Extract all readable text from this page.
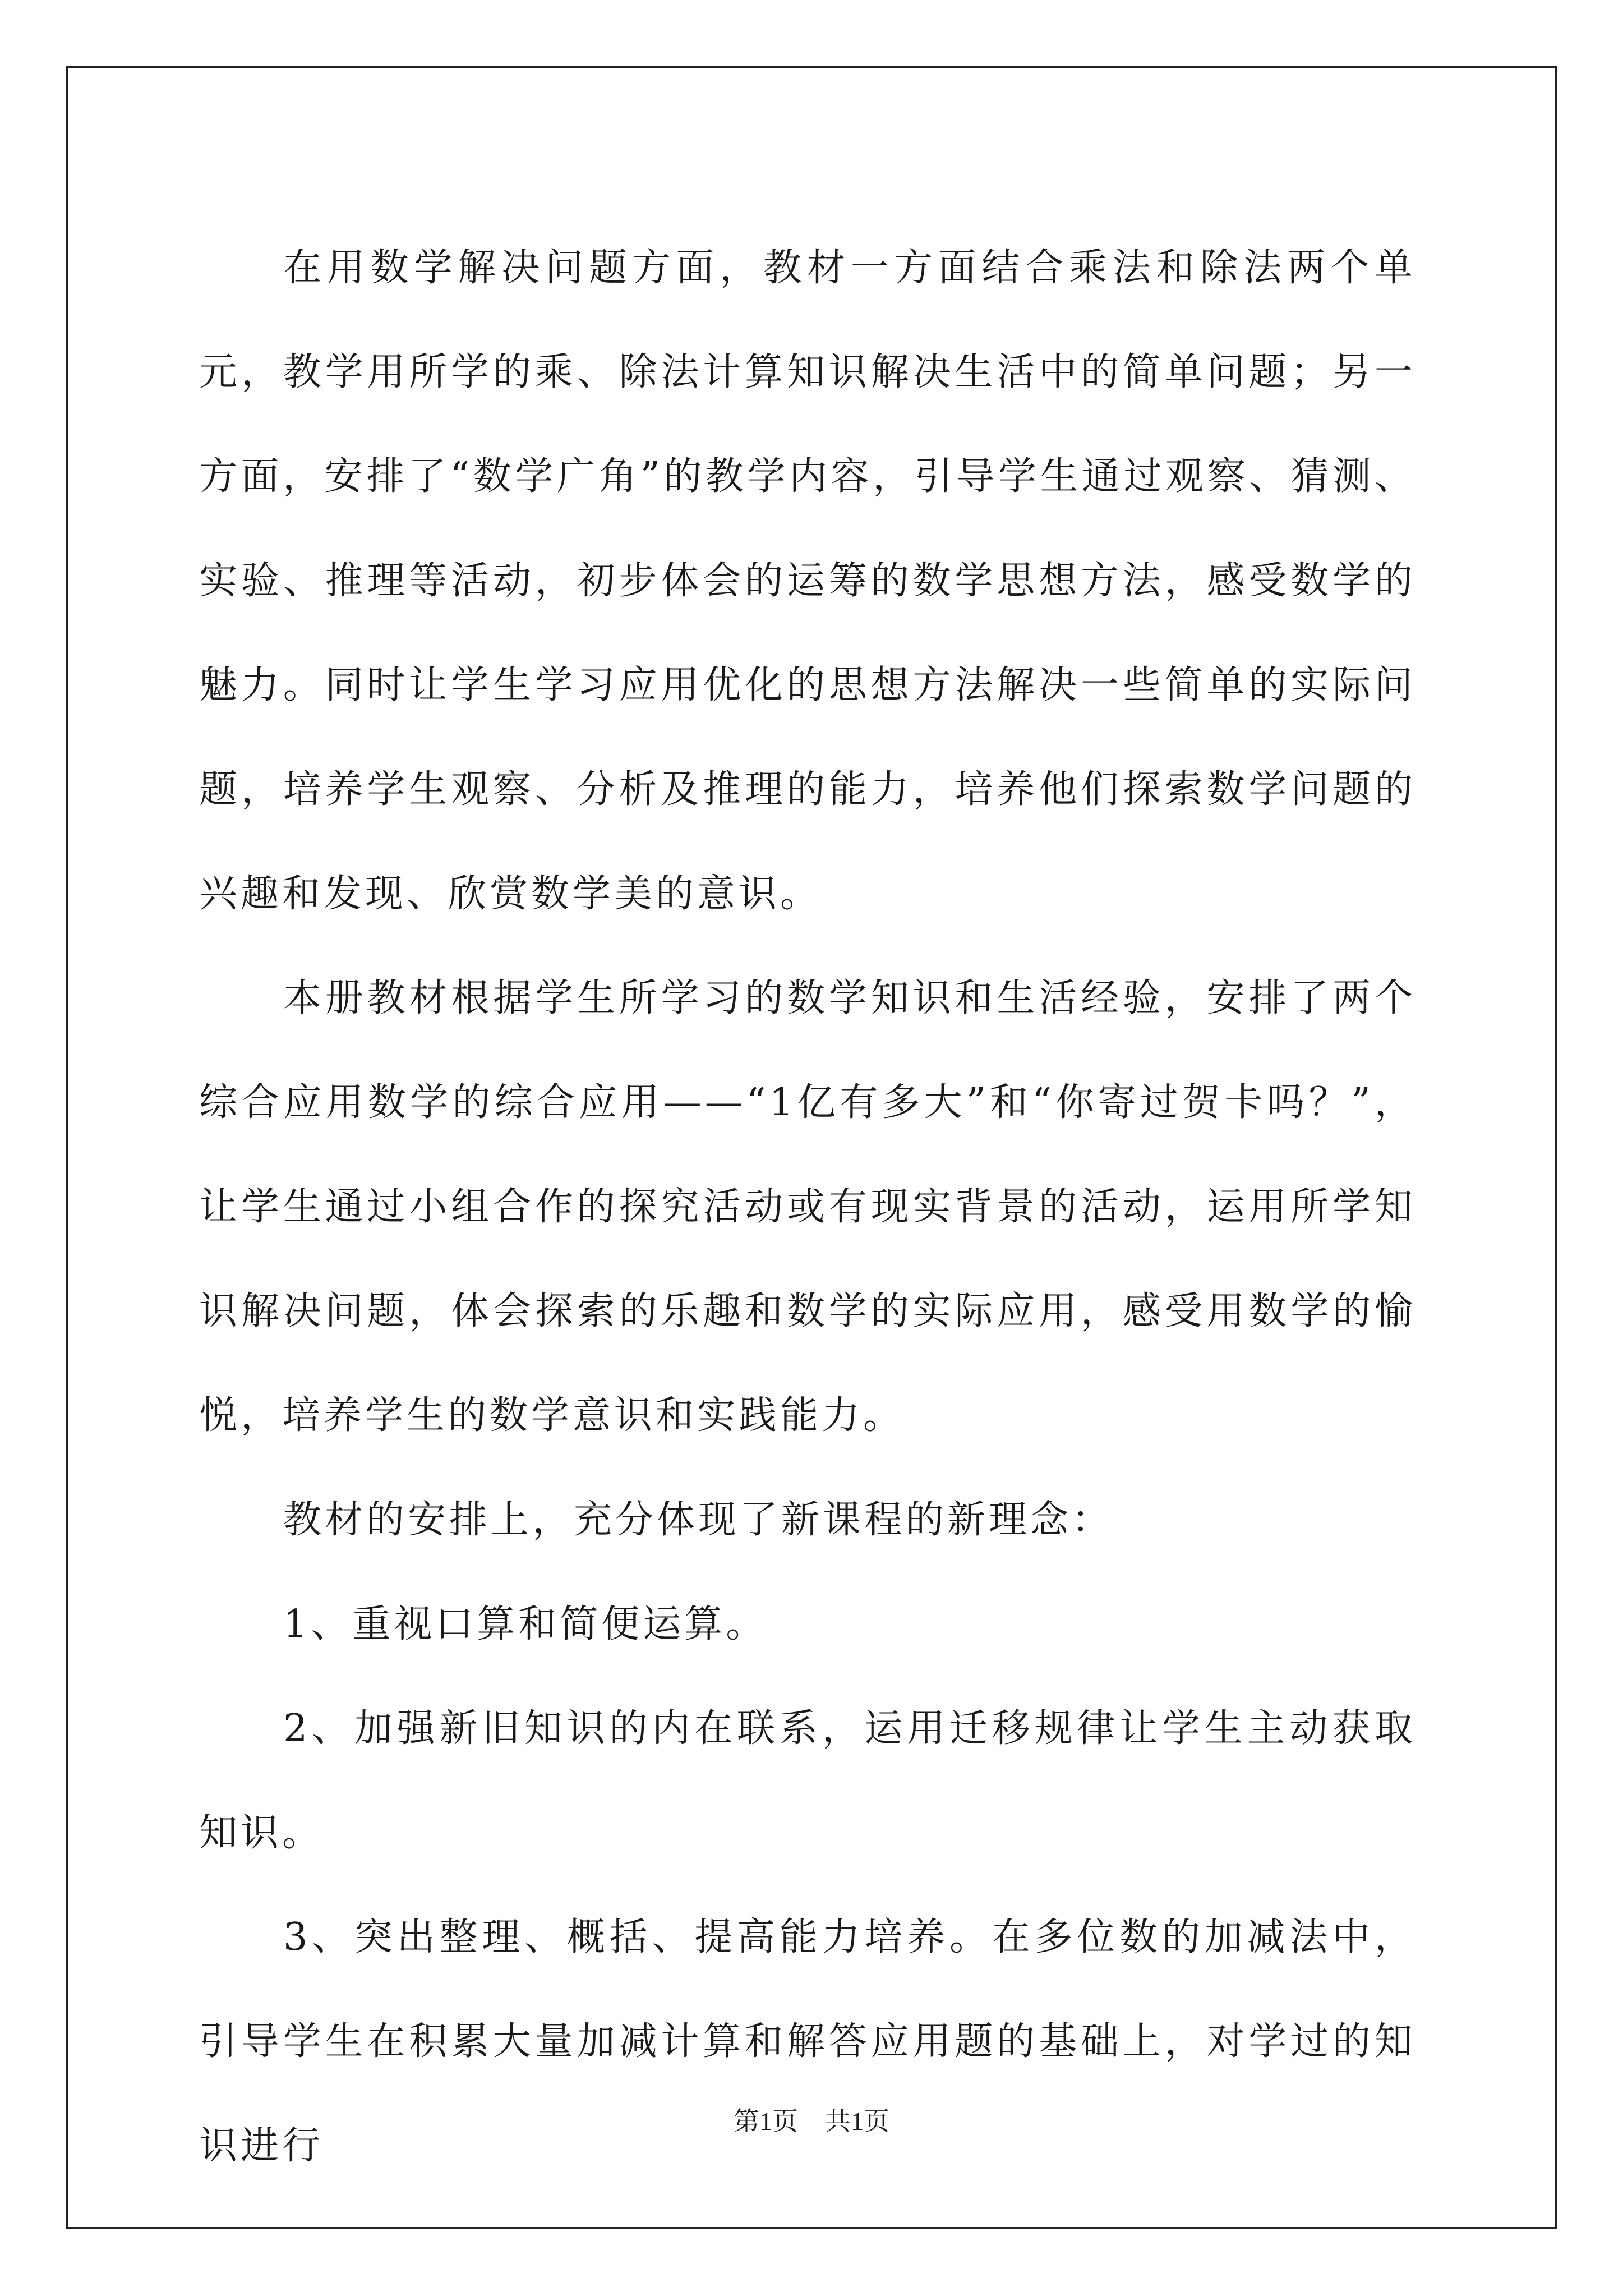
在用数学解决问题方面，教材一方面结合乘法和除法两个单元，教学用所学的乘、除法计算知识解决生活中的简单问题；另一方面，安排了“数学广角”的教学内容，引导学生通过观察、猜测、实验、推理等活动，初步体会的运筹的数学思想方法，感受数学的魅力。同时让学生学习应用优化的思想方法解决一些简单的实际问题，培养学生观察、分析及推理的能力，培养他们探索数学问题的兴趣和发现、欣赏数学美的意识。

本册教材根据学生所学习的数学知识和生活经验，安排了两个综合应用数学的综合应用——“1亿有多大”和“你寄过贺卡吗？”，让学生通过小组合作的探究活动或有现实背景的活动，运用所学知识解决问题，体会探索的乐趣和数学的实际应用，感受用数学的愉悦，培养学生的数学意识和实践能力。

教材的安排上，充分体现了新课程的新理念：

1、重视口算和简便运算。

2、加强新旧知识的内在联系，运用迁移规律让学生主动获取知识。

3、突出整理、概括、提高能力培养。在多位数的加减法中，引导学生在积累大量加减计算和解答应用题的基础上，对学过的知识进行

第1页 共1页
